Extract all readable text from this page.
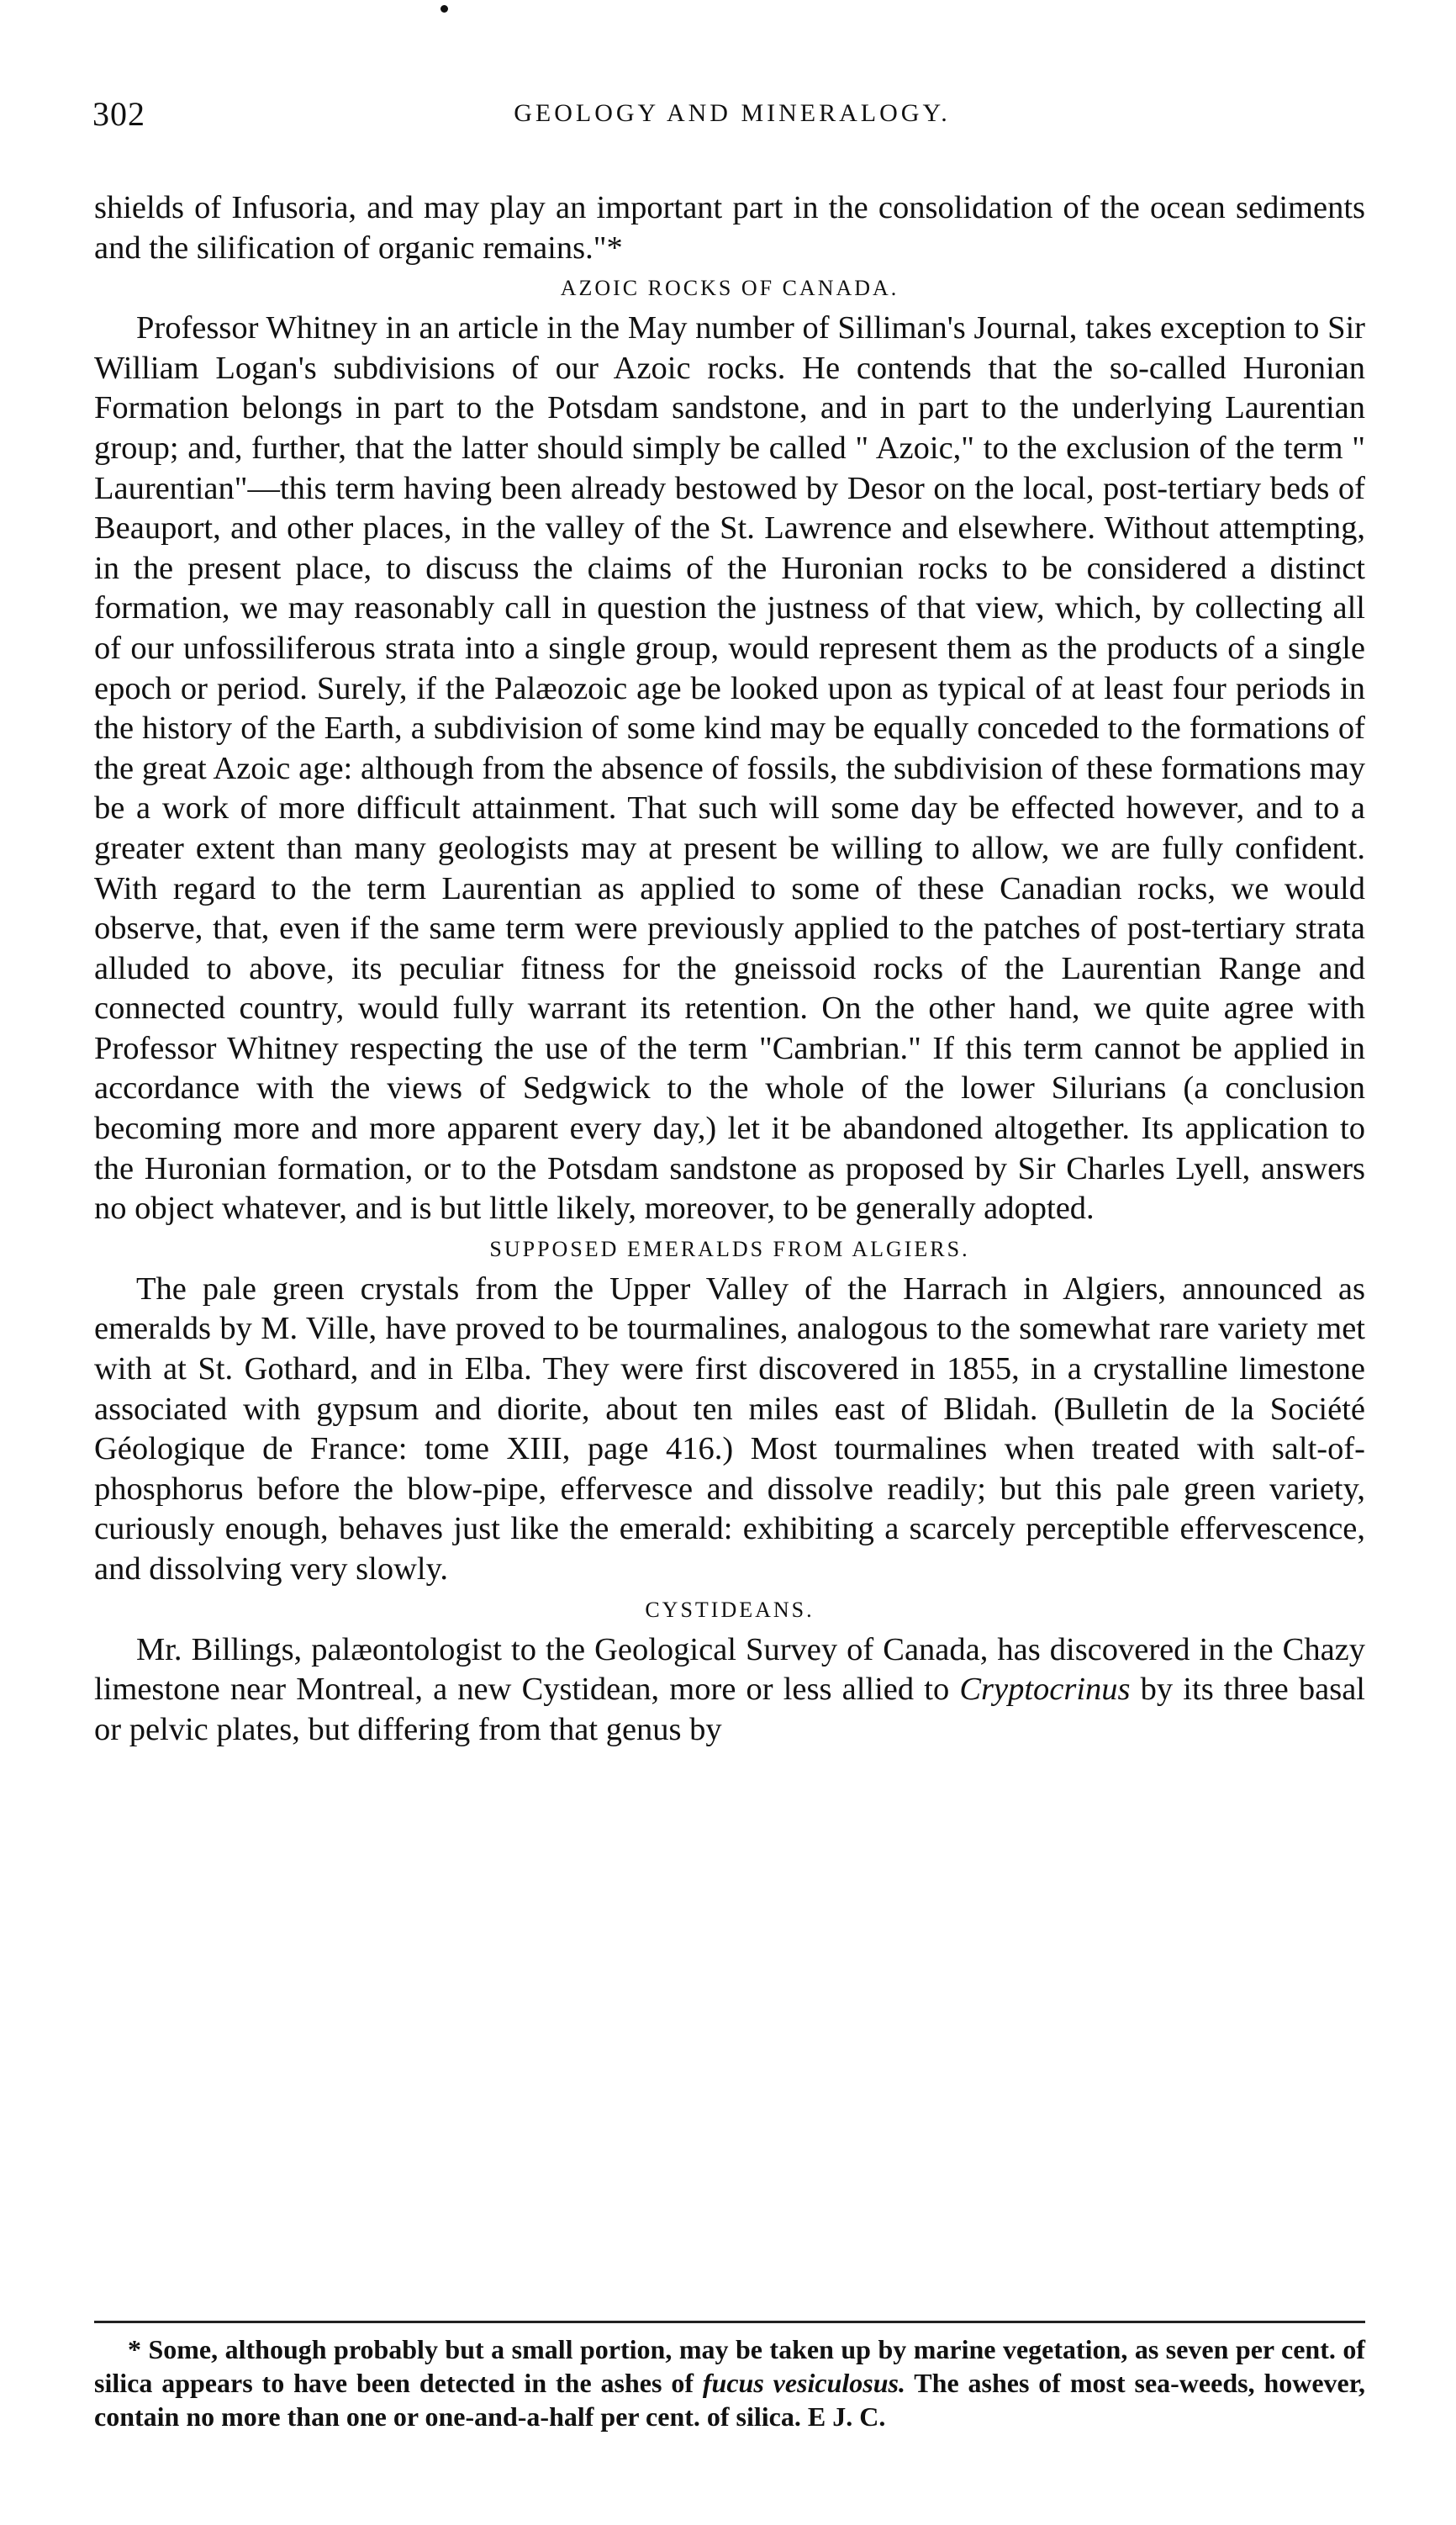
302	GEOLOGY AND MINERALOGY.

shields of Infusoria, and may play an important part in the consolidation of the ocean sediments and the silification of organic remains."*

AZOIC ROCKS OF CANADA.

Professor Whitney in an article in the May number of Silliman's Journal, takes exception to Sir William Logan's subdivisions of our Azoic rocks. He contends that the so-called Huronian Formation belongs in part to the Potsdam sandstone, and in part to the underlying Laurentian group; and, further, that the latter should simply be called " Azoic," to the exclusion of the term " Laurentian"—this term having been already bestowed by Desor on the local, post-tertiary beds of Beauport, and other places, in the valley of the St. Lawrence and elsewhere. Without attempting, in the present place, to discuss the claims of the Huronian rocks to be considered a distinct formation, we may reasonably call in question the justness of that view, which, by collecting all of our unfossiliferous strata into a single group, would represent them as the products of a single epoch or period. Surely, if the Palæozoic age be looked upon as typical of at least four periods in the history of the Earth, a subdivision of some kind may be equally conceded to the formations of the great Azoic age: although from the absence of fossils, the subdivision of these formations may be a work of more difficult attainment. That such will some day be effected however, and to a greater extent than many geologists may at present be willing to allow, we are fully confident. With regard to the term Laurentian as applied to some of these Canadian rocks, we would observe, that, even if the same term were previously applied to the patches of post-tertiary strata alluded to above, its peculiar fitness for the gneissoid rocks of the Laurentian Range and connected country, would fully warrant its retention. On the other hand, we quite agree with Professor Whitney respecting the use of the term "Cambrian." If this term cannot be applied in accordance with the views of Sedgwick to the whole of the lower Silurians (a conclusion becoming more and more apparent every day,) let it be abandoned altogether. Its application to the Huronian formation, or to the Potsdam sandstone as proposed by Sir Charles Lyell, answers no object whatever, and is but little likely, moreover, to be generally adopted.

SUPPOSED EMERALDS FROM ALGIERS.

The pale green crystals from the Upper Valley of the Harrach in Algiers, announced as emeralds by M. Ville, have proved to be tourmalines, analogous to the somewhat rare variety met with at St. Gothard, and in Elba. They were first discovered in 1855, in a crystalline limestone associated with gypsum and diorite, about ten miles east of Blidah. (Bulletin de la Société Géologique de France: tome XIII, page 416.) Most tourmalines when treated with salt-of-phosphorus before the blow-pipe, effervesce and dissolve readily; but this pale green variety, curiously enough, behaves just like the emerald: exhibiting a scarcely perceptible effervescence, and dissolving very slowly.

CYSTIDEANS.

Mr. Billings, palæontologist to the Geological Survey of Canada, has discovered in the Chazy limestone near Montreal, a new Cystidean, more or less allied to Cryptocrinus by its three basal or pelvic plates, but differing from that genus by

* Some, although probably but a small portion, may be taken up by marine vegetation, as seven per cent. of silica appears to have been detected in the ashes of fucus vesiculosus. The ashes of most sea-weeds, however, contain no more than one or one-and-a-half per cent. of silica. E J. C.
